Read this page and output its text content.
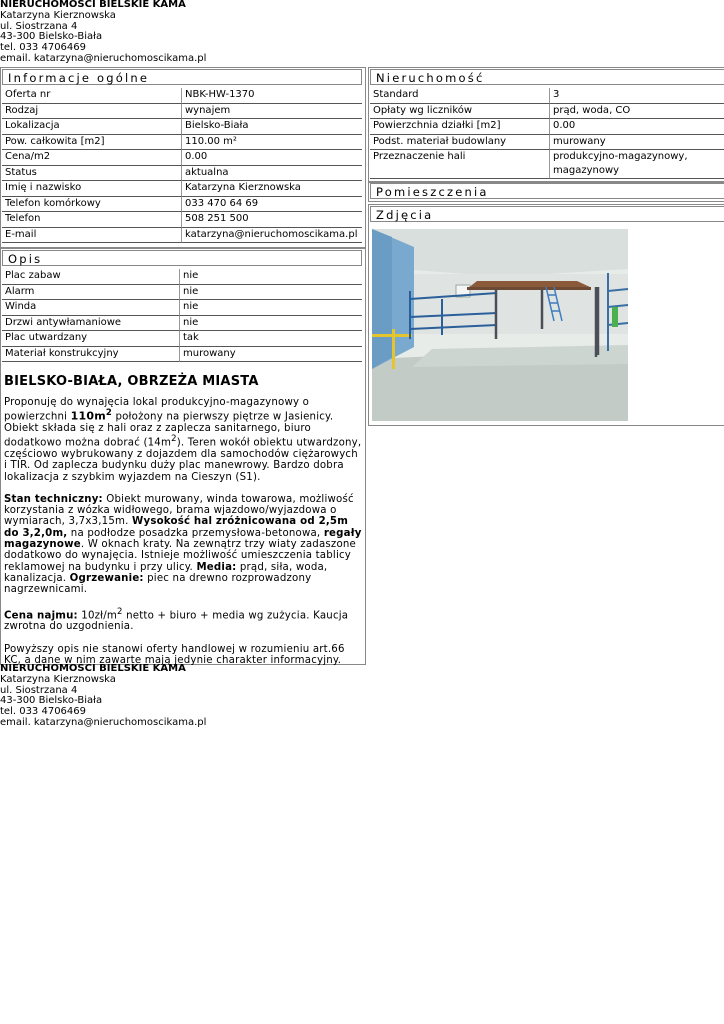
NIERUCHOMOŚCI BIELSKIE KAMA
Katarzyna Kierznowska
ul. Siostrzana 4
43-300 Bielsko-Biała
tel. 033 4706469
email. katarzyna@nieruchomoscikama.pl
Informacje ogólne
Oferta nr	NBK-HW-1370
Rodzaj	wynajem
Lokalizacja	Bielsko-Biała
Pow. całkowita [m2]	110.00 m²
Cena/m2	0.00
Status	aktualna
Imię i nazwisko	Katarzyna Kierznowska
Telefon komórkowy	033 470 64 69
Telefon	508 251 500
E-mail	katarzyna@nieruchomoscikama.pl
Opis
Plac zabaw	nie
Alarm	nie
Winda	nie
Drzwi antywłamaniowe	nie
Plac utwardzany	tak
Materiał konstrukcyjny	murowany
BIELSKO-BIAŁA, OBRZEŻA MIASTA

Proponuję do wynajęcia lokal produkcyjno-magazynowy o powierzchni $110m^2$ położony na pierwszy piętrze w Jasienicy. Obiekt składa się z hali oraz z zaplecza sanitarnego, biuro dodatkowo można dobrać $(14m^2)$. Teren wokół obiektu utwardzony, częściowo wybrukowany z dojazdem dla samochodów ciężarowych i TIR. Od zaplecza budynku duży plac manewrowy. Bardzo dobra lokalizacja z szybkim wyjazdem na Cieszyn (S1).

Stan techniczny: Obiekt murowany, winda towarowa, możliwość korzystania z wózka widłowego, brama wjazdowo/wyjazdowa o wymiarach, 3,7x3,15m. Wysokość hal zróżnicowana od 2,5m do 3,2,0m, na podłodze posadzka przemysłowa-betonowa, regały magazynowe. W oknach kraty. Na zewnątrz trzy wiaty zadaszone dodatkowo do wynajęcia. Istnieje możliwość umieszczenia tablicy reklamowej na budynku i przy ulicy. Media: prąd, siła, woda, kanalizacja. Ogrzewanie: piec na drewno rozprowadzony nagrzewnicami.

Cena najmu: $10zł/m^2$ netto + biuro + media wg zużycia. Kaucja zwrotna do uzgodnienia.

Powyższy opis nie stanowi oferty handlowej w rozumieniu art.66 KC, a dane w nim zawarte mają jedynie charakter informacyjny.

NIERUCHOMOŚCI BIELSKIE KAMA
Katarzyna Kierznowska
ul. Siostrzana 4
43-300 Bielsko-Biała
tel. 033 4706469
email. katarzyna@nieruchomoscikama.pl
Nieruchomość
Standard	3
Opłaty wg liczników	prąd, woda, CO
Powierzchnia działki [m2]	0.00
Podst. materiał budowlany	murowany
Przeznaczenie hali	produkcyjno-magazynowy, magazynowy
Pomieszczenia
Zdjęcia
